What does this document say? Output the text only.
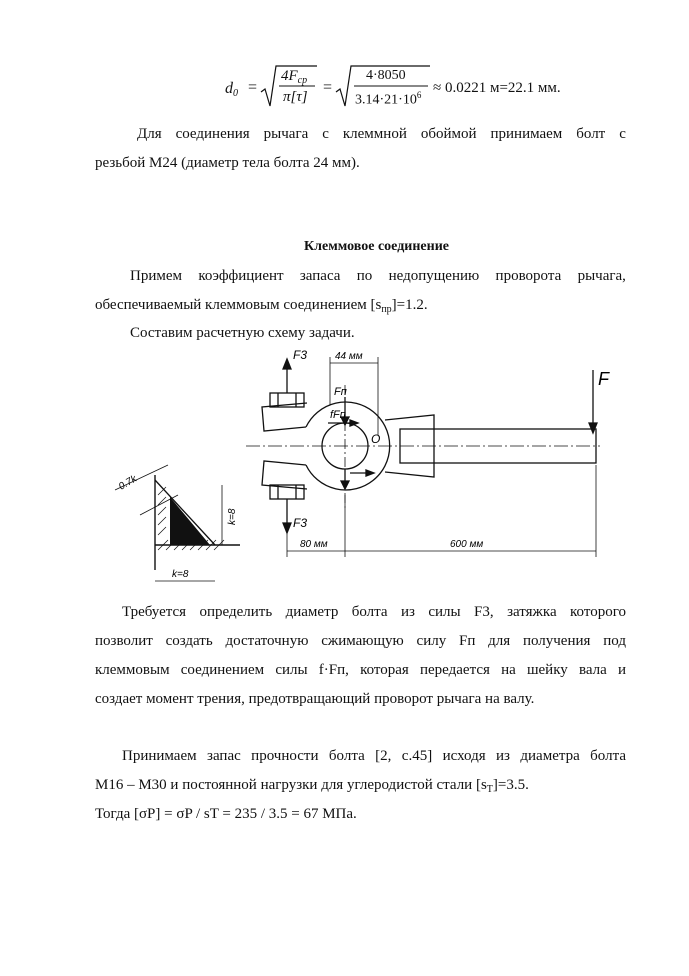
$d_0$ =
$4F_{cp}$
π[τ]
=
4·8050
$3.14\cdot 21\cdot 10^6 \approx 0.0221$ м=22.1 мм.
Для соединения рычага с клеммной обоймой принимаем болт с
резьбой М24 (диаметр тела болта 24 мм).
Клеммовое соединение
Примем коэффициент запаса по недопущению проворота рычага,
обеспечиваемый клеммовым соединением $[s_{пр}]=1.2$.
Составим расчетную схему задачи.
F3
F3
44 мм
Fп
fFп
O
F
80 мм	600 мм
0.7k
k=8
k=8
Требуется определить диаметр болта из силы F3, затяжка которого
позволит создать достаточную сжимающую силу Fп для получения под
клеммовым соединением силы f·Fп, которая передается на шейку вала и
создает момент трения, предотвращающий проворот рычага на валу.
Принимаем запас прочности болта [2, с.45] исходя из диаметра болта
М16 – М30 и постоянной нагрузки для углеродистой стали $[s_Т]=3.5$.
Тогда [σP] = σP / sT = 235 / 3.5 = 67 МПа.
